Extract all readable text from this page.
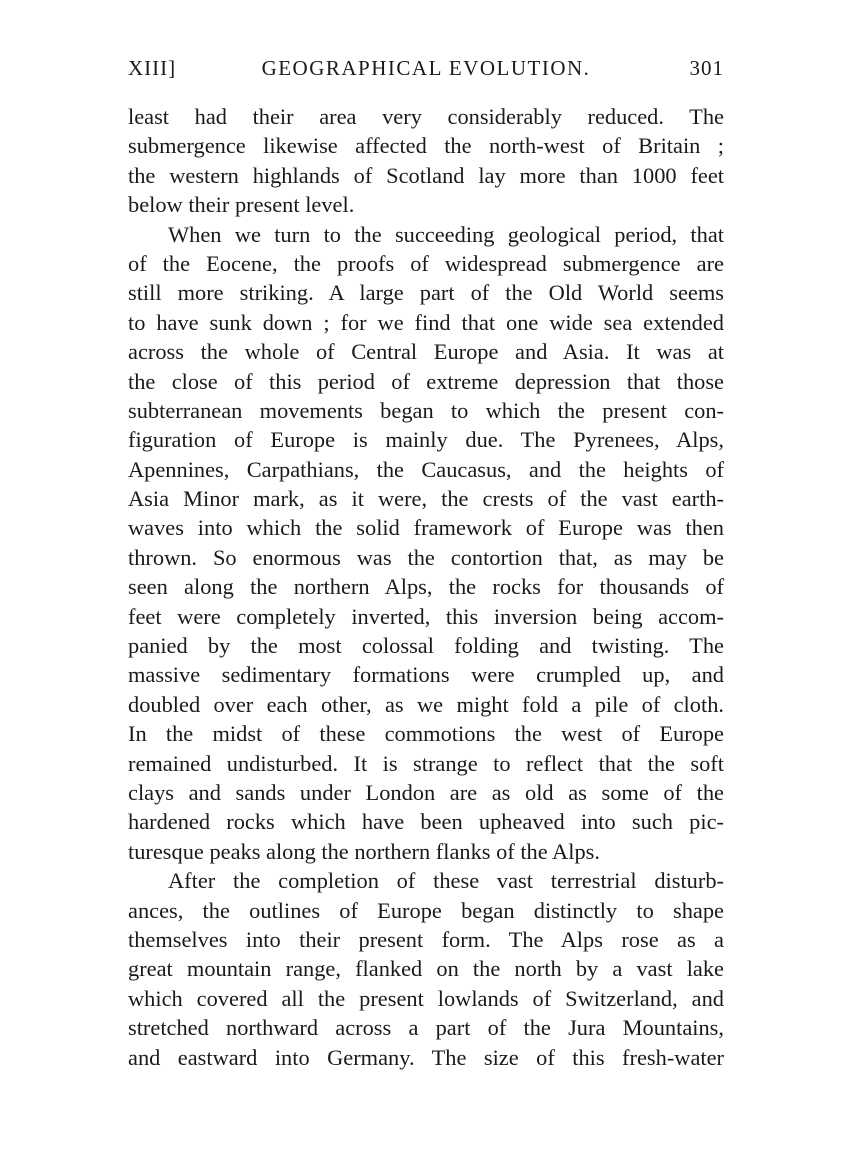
XIII]	GEOGRAPHICAL EVOLUTION.	301
least had their area very considerably reduced. The
submergence likewise affected the north-west of Britain ;
the western highlands of Scotland lay more than 1000 feet
below their present level.
When we turn to the succeeding geological period, that
of the Eocene, the proofs of widespread submergence are
still more striking. A large part of the Old World seems
to have sunk down ; for we find that one wide sea extended
across the whole of Central Europe and Asia. It was at
the close of this period of extreme depression that those
subterranean movements began to which the present con-
figuration of Europe is mainly due. The Pyrenees, Alps,
Apennines, Carpathians, the Caucasus, and the heights of
Asia Minor mark, as it were, the crests of the vast earth-
waves into which the solid framework of Europe was then
thrown. So enormous was the contortion that, as may be
seen along the northern Alps, the rocks for thousands of
feet were completely inverted, this inversion being accom-
panied by the most colossal folding and twisting. The
massive sedimentary formations were crumpled up, and
doubled over each other, as we might fold a pile of cloth.
In the midst of these commotions the west of Europe
remained undisturbed. It is strange to reflect that the soft
clays and sands under London are as old as some of the
hardened rocks which have been upheaved into such pic-
turesque peaks along the northern flanks of the Alps.
After the completion of these vast terrestrial disturb-
ances, the outlines of Europe began distinctly to shape
themselves into their present form. The Alps rose as a
great mountain range, flanked on the north by a vast lake
which covered all the present lowlands of Switzerland, and
stretched northward across a part of the Jura Mountains,
and eastward into Germany. The size of this fresh-water
